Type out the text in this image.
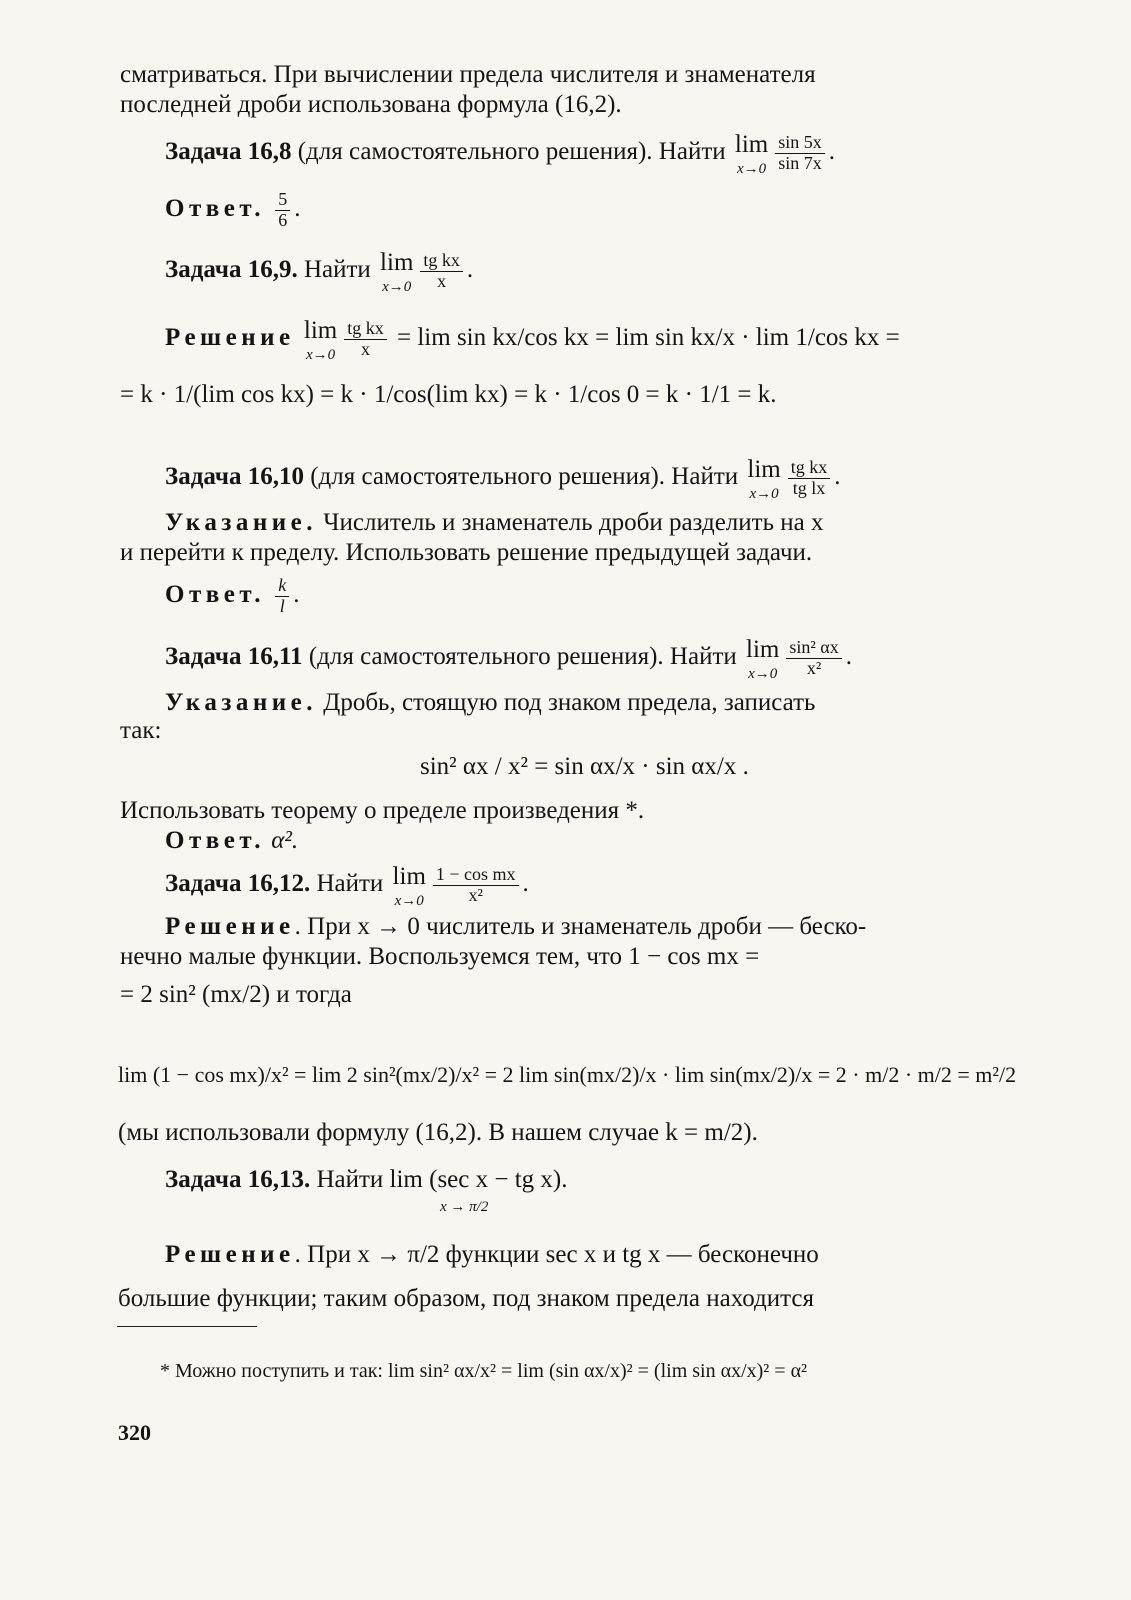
сматриваться. При вычислении предела числителя и знаменателя
последней дроби использована формула (16,2).
Задача 16,8 (для самостоятельного решения). Найти lim
$x\to 0 \frac{\sin 5x}{\sin 7x}$ .
Ответ. $\frac{5}{6}$ .
Задача 16,9. Найти lim
$x\to 0 \frac{\text{tg kx}}{x}$ .
Решение lim
$x\to 0 \frac{\text{tg kx}}{x} = \lim \sin kx/\cos$ kx = lim sin kx/x · lim 1/cos kx =
= k · 1/(lim cos kx) = k · 1/cos(lim kx) = k · 1/cos 0 = k · 1/1 = k.
Задача 16,10 (для самостоятельного решения). Найти lim
$x\to 0 \frac{\text{tg kx}}{\text{tg lx}}$ .
Указание. Числитель и знаменатель дроби разделить на x
и перейти к пределу. Использовать решение предыдущей задачи.
Ответ. $\frac{k}{l}$ .
Задача 16,11 (для самостоятельного решения). Найти lim
$x\to 0 \frac{\text{sin² αx}}{\text{x²}}$ .
Указание. Дробь, стоящую под знаком предела, записать
так:
sin² αx / x² = sin αx/x · sin αx/x .
Использовать теорему о пределе произведения *.
Ответ. α².
Задача 16,12. Найти lim
$x\to 0 \frac{\text{1 − cos mx}}{\text{x²}}$ .
Решение. При x → 0 числитель и знаменатель дроби — беско-
нечно малые функции. Воспользуемся тем, что 1 − cos mx =
= 2 sin² (mx/2) и тогда
lim (1 − cos mx)/x² = lim 2 sin²(mx/2)/x² = 2 lim sin(mx/2)/x · lim sin(mx/2)/x = 2 · m/2 · m/2 = m²/2
(мы использовали формулу (16,2). В нашем случае k = m/2).
Задача 16,13. Найти lim (sec x − tg x).
x → π/2
Решение. При x → π/2 функции sec x и tg x — бесконечно
большие функции; таким образом, под знаком предела находится
* Можно поступить и так: lim sin² αx/x² = lim (sin αx/x)² = (lim sin αx/x)² = α²
320
